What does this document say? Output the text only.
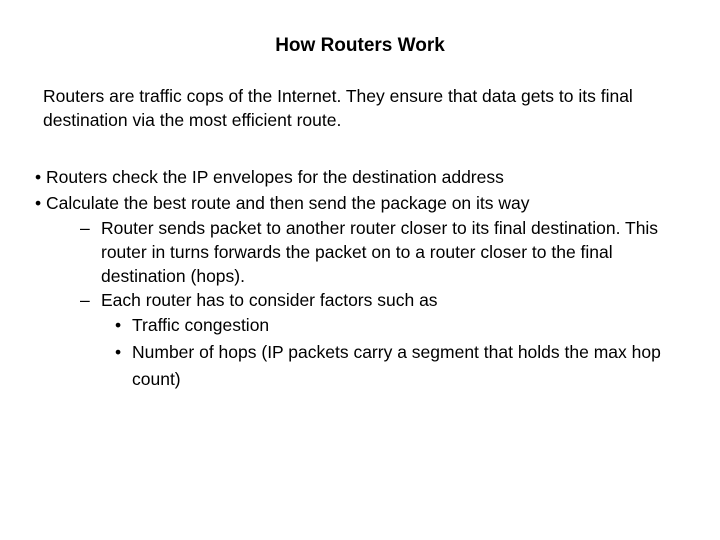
How Routers Work
Routers are traffic cops of the Internet. They ensure that data gets to its final destination via the most efficient route.
• Routers check the IP envelopes for the destination address
• Calculate the best route and then send the package on its way
– Router sends packet to another router closer to its final destination. This router in turns forwards the packet on to a router closer to the final destination (hops).
– Each router has to consider factors such as
• Traffic congestion
• Number of hops (IP packets carry a segment that holds the max hop count)
